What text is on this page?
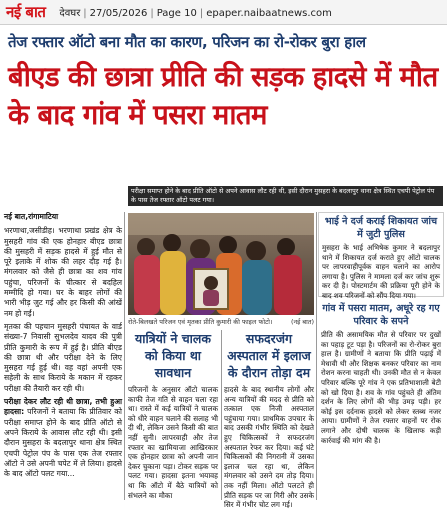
नई बात देवघर | 27/05/2026 | Page 10 | epaper.naibaatnews.com
तेज रफ्तार ऑटो बना मौत का कारण, परिजन का रो-रोकर बुरा हाल
बीएड की छात्रा प्रीति की सड़क हादसे में मौत के बाद गांव में पसरा मातम
नई बात,रांगामाटिया
भरणाथा,जसीडीह। भरणाथा प्रखंड क्षेत्र के मुसहरी गांव की एक होनहार बीएड छात्रा की मुसहरी में सड़क हादसे में हुई मौत से पूरे इलाके में शोक की लहर दौड़ गई है। मंगलवार को जैसे ही छात्रा का शव गांव पहुंचा, परिजनों के चीत्कार से बदहिल मम्मीदि हो गया। घर के बाहर लोगों की भारी भीड़ जुट गई और हर किसी की आंखें नम हो गईं।
मृतका की पहचान मुसहरी पंचायत के वार्ड संख्या-7 निवासी सुभलदेव यादव की पुत्री प्रीति कुमारी के रूप में हुई है। प्रीति बीएड की छात्रा थी और परीक्षा देने के लिए मुसहरा गई हुई थी। वह वहां अपनी एक सहेली के साथ किराये के मकान में रहकर परीक्षा की तैयारी कर रही थी।
परीक्षा देकर लौट रही थी छात्रा, तभी हुआ हादसा: परिजनों ने बताया कि प्रीतिवार को परीक्षा समाप्त होने के बाद प्रीति ऑटो से अपने किराये के आवास लौट रही थी। इसी दौरान मुसहरा के बदलापुर थाना क्षेत्र स्थित एचपी पेट्रोल पंप के पास एक तेज रफ्तार ऑटो ने उसे अपनी चपेट में ले लिया। हादसे के बाद ऑटो पलट गया...
परीक्षा समाप्त होने के बाद प्रीति ऑटो से अपने आवास लौट रही थी, इसी दौरान मुसहरा के बदलापुर थाना क्षेत्र स्थित एचपी पेट्रोल पंप के पास तेज रफ्तार ऑटो पलट गया।
रोते-बिलखते परिजन एवं मृतका प्रीति कुमारी की फाइल फोटो।	(नई बात)
यात्रियों ने चालक को किया था सावधान
परिजनों के अनुसार ऑटो चालक काफी तेज गति से वाहन चला रहा था। रास्ते में कई यात्रियों ने चालक को धीरे वाहन चलाने की सलाह भी दी थी, लेकिन उसने किसी की बात नहीं सुनी। लापरवाही और तेज रफ्तार का खामियाजा आखिरकार एक होनहार छात्रा को अपनी जान देकर चुकाना पड़ा। टोकर सड़क पर पलट गया। हादसा इतना भयावह था कि ऑटो में बैठे यात्रियों को संभलने का मौका
सफदरजंग अस्पताल में इलाज के दौरान तोड़ा दम
हादसे के बाद स्थानीय लोगों और अन्य यात्रियों की मदद से प्रीति को तत्काल एक निजी अस्पताल पहुंचाया गया। प्राथमिक उपचार के बाद उसकी गंभीर स्थिति को देखते हुए चिकित्सकों ने सफदरजंग अस्पताल रेफर कर दिया। कई घंटे चिकित्सकों की निगरानी में उसका इलाज चल रहा था, लेकिन मंगलवार को उसने दम तोड़ दिया। तक नहीं मिला। ऑटो पलटते ही प्रीति सड़क पर जा गिरी और उसके सिर में गंभीर चोट लग गई।
भाई ने दर्ज कराई शिकायत जांच में जुटी पुलिस
मुसहरा के भाई अभिषेक कुमार ने बदलापुर थाने में शिकायत दर्ज कराते हुए ऑटो चालक पर लापरवाहीपूर्वक वाहन चलाने का आरोप लगाया है। पुलिस ने मामला दर्ज कर जांच शुरू कर दी है। पोस्टमार्टम की प्रक्रिया पूरी होने के बाद शव परिजनों को सौंप दिया गया।
गांव में पसरा मातम, अधूरे रह गए परिवार के सपने
प्रीति की असामयिक मौत से परिवार पर दुखों का पहाड़ टूट पड़ा है। परिजनों का रो-रोकर बुरा हाल है। ग्रामीणों ने बताया कि प्रीति पढ़ाई में मेधावी थी और शिक्षक बनकर परिवार का नाम रोशन करना चाहती थी। उनकी मौत से न केवल परिवार बल्कि पूरे गांव ने एक प्रतिभाशाली बेटी को खो दिया है। शव के गांव पहुंचते ही अंतिम दर्शन के लिए लोगों की भीड़ उमड़ पड़ी। हर कोई इस दर्दनाक हादसे को लेकर स्तब्ध नजर आया। ग्रामीणों ने तेज रफ्तार वाहनों पर रोक लगाने और दोषी चालक के खिलाफ कड़ी कार्रवाई की मांग की है।
